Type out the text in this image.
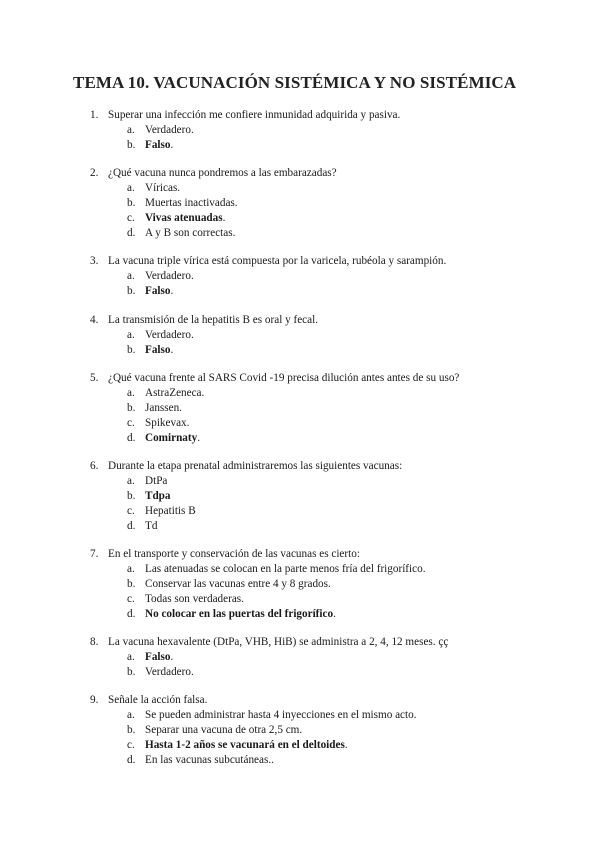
TEMA 10. VACUNACIÓN SISTÉMICA Y NO SISTÉMICA
1. Superar una infección me confiere inmunidad adquirida y pasiva.
a. Verdadero.
b. Falso.
2. ¿Qué vacuna nunca pondremos a las embarazadas?
a. Víricas.
b. Muertas inactivadas.
c. Vivas atenuadas.
d. A y B son correctas.
3. La vacuna triple vírica está compuesta por la varicela, rubéola y sarampión.
a. Verdadero.
b. Falso.
4. La transmisión de la hepatitis B es oral y fecal.
a. Verdadero.
b. Falso.
5. ¿Qué vacuna frente al SARS Covid -19 precisa dilución antes antes de su uso?
a. AstraZeneca.
b. Janssen.
c. Spikevax.
d. Comirnaty.
6. Durante la etapa prenatal administraremos las siguientes vacunas:
a. DtPa
b. Tdpa
c. Hepatitis B
d. Td
7. En el transporte y conservación de las vacunas es cierto:
a. Las atenuadas se colocan en la parte menos fría del frigorífico.
b. Conservar las vacunas entre 4 y 8 grados.
c. Todas son verdaderas.
d. No colocar en las puertas del frigorífico.
8. La vacuna hexavalente (DtPa, VHB, HiB) se administra a 2, 4, 12 meses. çç
a. Falso.
b. Verdadero.
9. Señale la acción falsa.
a. Se pueden administrar hasta 4 inyecciones en el mismo acto.
b. Separar una vacuna de otra 2,5 cm.
c. Hasta 1-2 años se vacunará en el deltoides.
d. En las vacunas subcutáneas..
